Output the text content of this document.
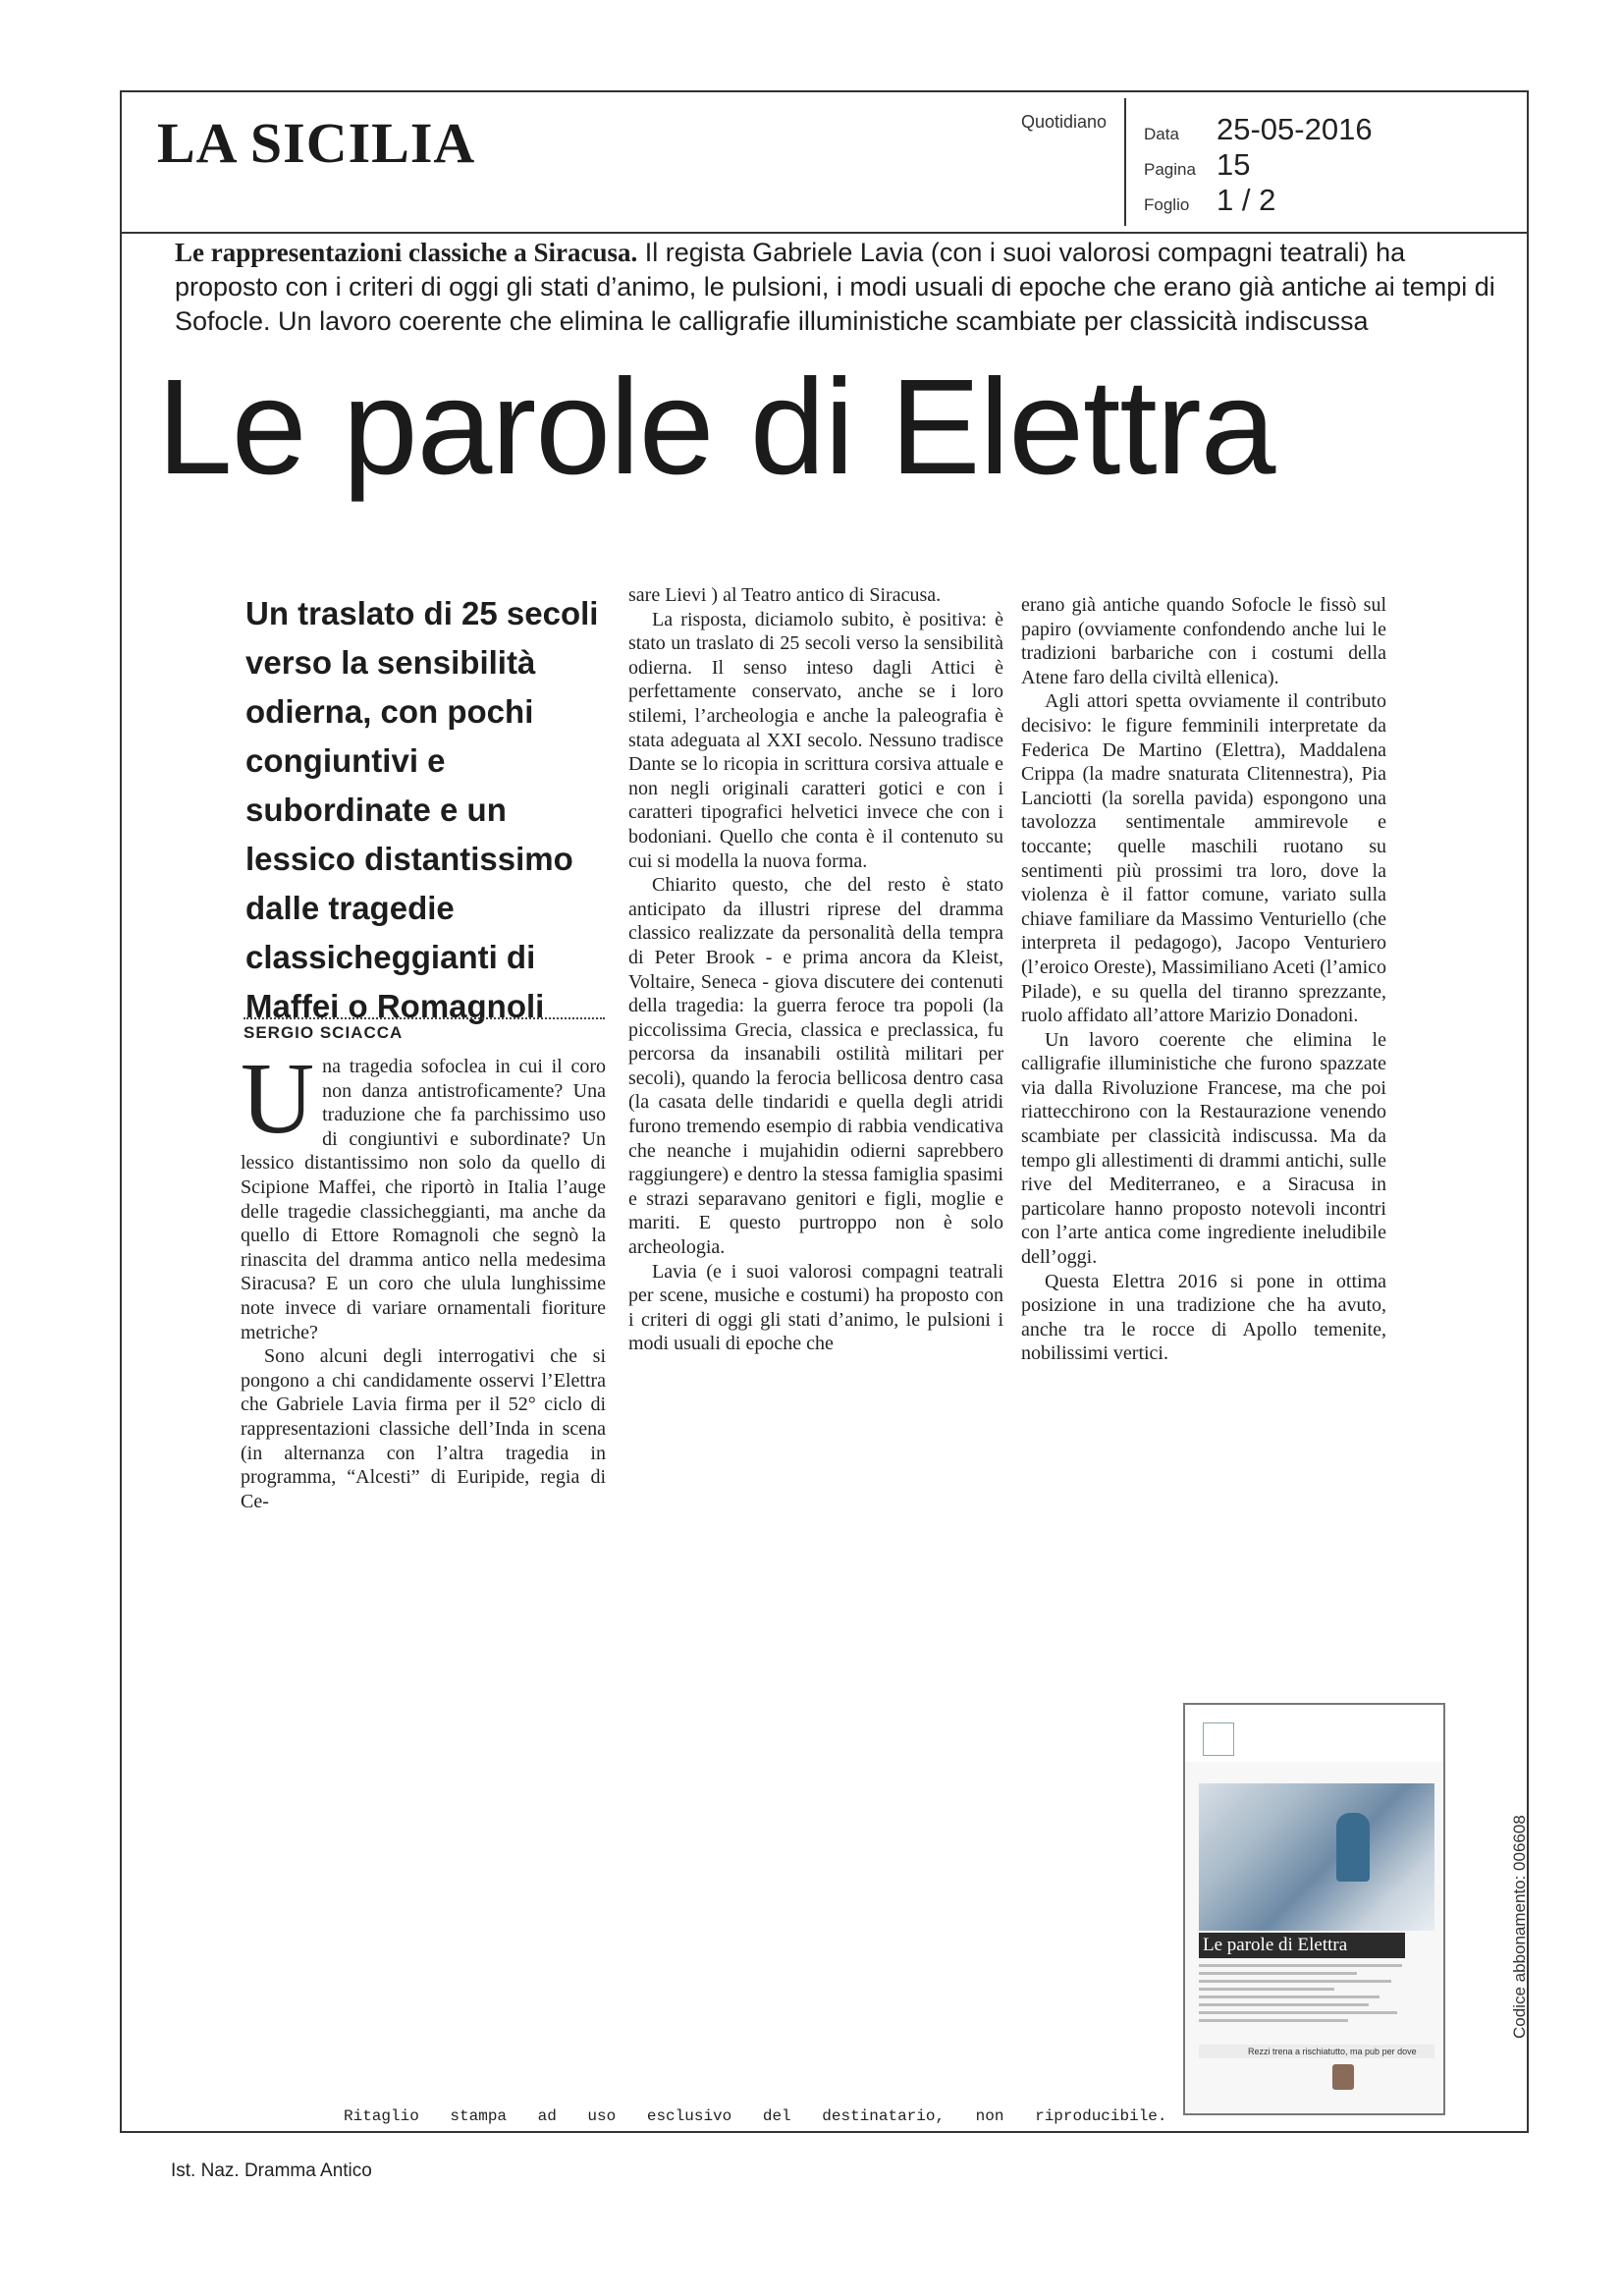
LA SICILIA	Quotidiano
Data	25-05-2016
Pagina 15
Foglio 1 / 2
Le rappresentazioni classiche a Siracusa. Il regista Gabriele Lavia (con i suoi valorosi compagni teatrali) ha proposto con i criteri di oggi gli stati d’animo, le pulsioni, i modi usuali di epoche che erano già antiche ai tempi di Sofocle. Un lavoro coerente che elimina le calligrafie illuministiche scambiate per classicità indiscussa
Le parole di Elettra
Un traslato di 25 secoli verso la sensibilità odierna, con pochi congiuntivi e subordinate e un lessico distantissimo dalle tragedie classicheggianti di Maffei o Romagnoli
SERGIO SCIACCA

Una tragedia sofoclea in cui il coro non danza antistroficamente? Una traduzione che fa parchissimo uso di congiuntivi e subordinate? Un lessico distantissimo non solo da quello di Scipione Maffei, che riportò in Italia l’auge delle tragedie classicheggianti, ma anche da quello di Ettore Romagnoli che segnò la rinascita del dramma antico nella medesima Siracusa? E un coro che ulula lunghissime note invece di variare ornamentali fioriture metriche?

Sono alcuni degli interrogativi che si pongono a chi candidamente osservi l’Elettra che Gabriele Lavia firma per il 52° ciclo di rappresentazioni classiche dell’Inda in scena (in alternanza con l’altra tragedia in programma, “Alcesti” di Euripide, regia di Ce-

sare Lievi ) al Teatro antico di Siracusa.

La risposta, diciamolo subito, è positiva: è stato un traslato di 25 secoli verso la sensibilità odierna. Il senso inteso dagli Attici è perfettamente conservato, anche se i loro stilemi, l’archeologia e anche la paleografia è stata adeguata al XXI secolo. Nessuno tradisce Dante se lo ricopia in scrittura corsiva attuale e non negli originali caratteri gotici e con i caratteri tipografici helvetici invece che con i bodoniani. Quello che conta è il contenuto su cui si modella la nuova forma.

Chiarito questo, che del resto è stato anticipato da illustri riprese del dramma classico realizzate da personalità della tempra di Peter Brook - e prima ancora da Kleist, Voltaire, Seneca - giova discutere dei contenuti della tragedia: la guerra feroce tra popoli (la piccolissima Grecia, classica e preclassica, fu percorsa da insanabili ostilità militari per secoli), quando la ferocia bellicosa dentro casa (la casata delle tindaridi e quella degli atridi furono tremendo esempio di rabbia vendicativa che neanche i mujahidin odierni saprebbero raggiungere) e dentro la stessa famiglia spasimi e strazi separavano genitori e figli, moglie e mariti. E questo purtroppo non è solo archeologia.

Lavia (e i suoi valorosi compagni teatrali per scene, musiche e costumi) ha proposto con i criteri di oggi gli stati d’animo, le pulsioni i modi usuali di epoche che

erano già antiche quando Sofocle le fissò sul papiro (ovviamente confondendo anche lui le tradizioni barbariche con i costumi della Atene faro della civiltà ellenica).

Agli attori spetta ovviamente il contributo decisivo: le figure femminili interpretate da Federica De Martino (Elettra), Maddalena Crippa (la madre snaturata Clitennestra), Pia Lanciotti (la sorella pavida) espongono una tavolozza sentimentale ammirevole e toccante; quelle maschili ruotano su sentimenti più prossimi tra loro, dove la violenza è il fattor comune, variato sulla chiave familiare da Massimo Venturiello (che interpreta il pedagogo), Jacopo Venturiero (l’eroico Oreste), Massimiliano Aceti (l’amico Pilade), e su quella del tiranno sprezzante, ruolo affidato all’attore Marizio Donadoni.

Un lavoro coerente che elimina le calligrafie illuministiche che furono spazzate via dalla Rivoluzione Francese, ma che poi riattecchirono con la Restaurazione venendo scambiate per classicità indiscussa. Ma da tempo gli allestimenti di drammi antichi, sulle rive del Mediterraneo, e a Siracusa in particolare hanno proposto notevoli incontri con l’arte antica come ingrediente ineludibile dell’oggi.

Questa Elettra 2016 si pone in ottima posizione in una tradizione che ha avuto, anche tra le rocce di Apollo temenite, nobilissimi vertici.

Le parole di Elettra
Rezzi trena a rischiatutto, ma pub per dove
Codice abbonamento: 006608
Ritaglio stampa ad uso esclusivo del destinatario, non riproducibile.
Ist. Naz. Dramma Antico
